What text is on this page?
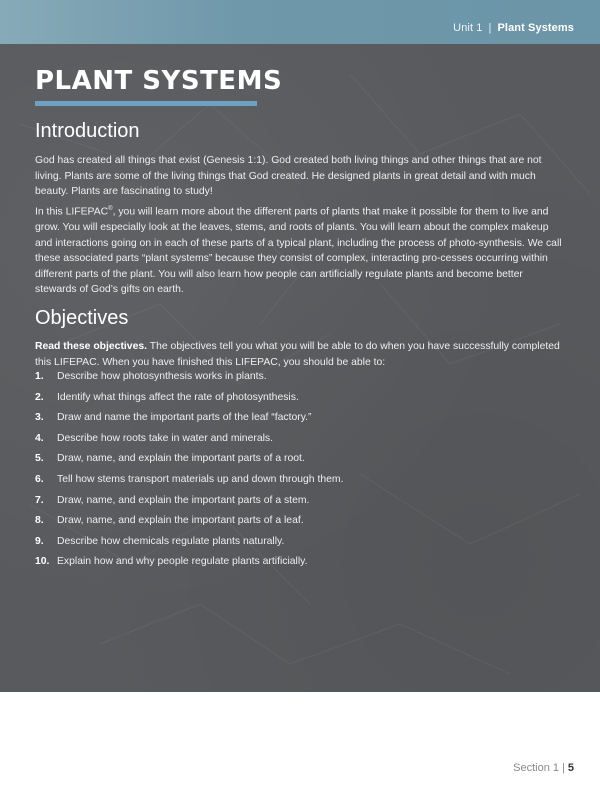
Unit 1 | Plant Systems
PLANT SYSTEMS
Introduction
God has created all things that exist (Genesis 1:1). God created both living things and other things that are not living. Plants are some of the living things that God created. He designed plants in great detail and with much beauty. Plants are fascinating to study!
In this LIFEPAC®, you will learn more about the different parts of plants that make it possible for them to live and grow. You will especially look at the leaves, stems, and roots of plants. You will learn about the complex makeup and interactions going on in each of these parts of a typical plant, including the process of photo-synthesis. We call these associated parts “plant systems” because they consist of complex, interacting pro-cesses occurring within different parts of the plant. You will also learn how people can artificially regulate plants and become better stewards of God’s gifts on earth.
Objectives
Read these objectives. The objectives tell you what you will be able to do when you have successfully completed this LIFEPAC. When you have finished this LIFEPAC, you should be able to:
1.	Describe how photosynthesis works in plants.
2.	Identify what things affect the rate of photosynthesis.
3.	Draw and name the important parts of the leaf “factory.”
4.	Describe how roots take in water and minerals.
5.	Draw, name, and explain the important parts of a root.
6.	Tell how stems transport materials up and down through them.
7.	Draw, name, and explain the important parts of a stem.
8.	Draw, name, and explain the important parts of a leaf.
9.	Describe how chemicals regulate plants naturally.
10. Explain how and why people regulate plants artificially.
Section 1 | 5
